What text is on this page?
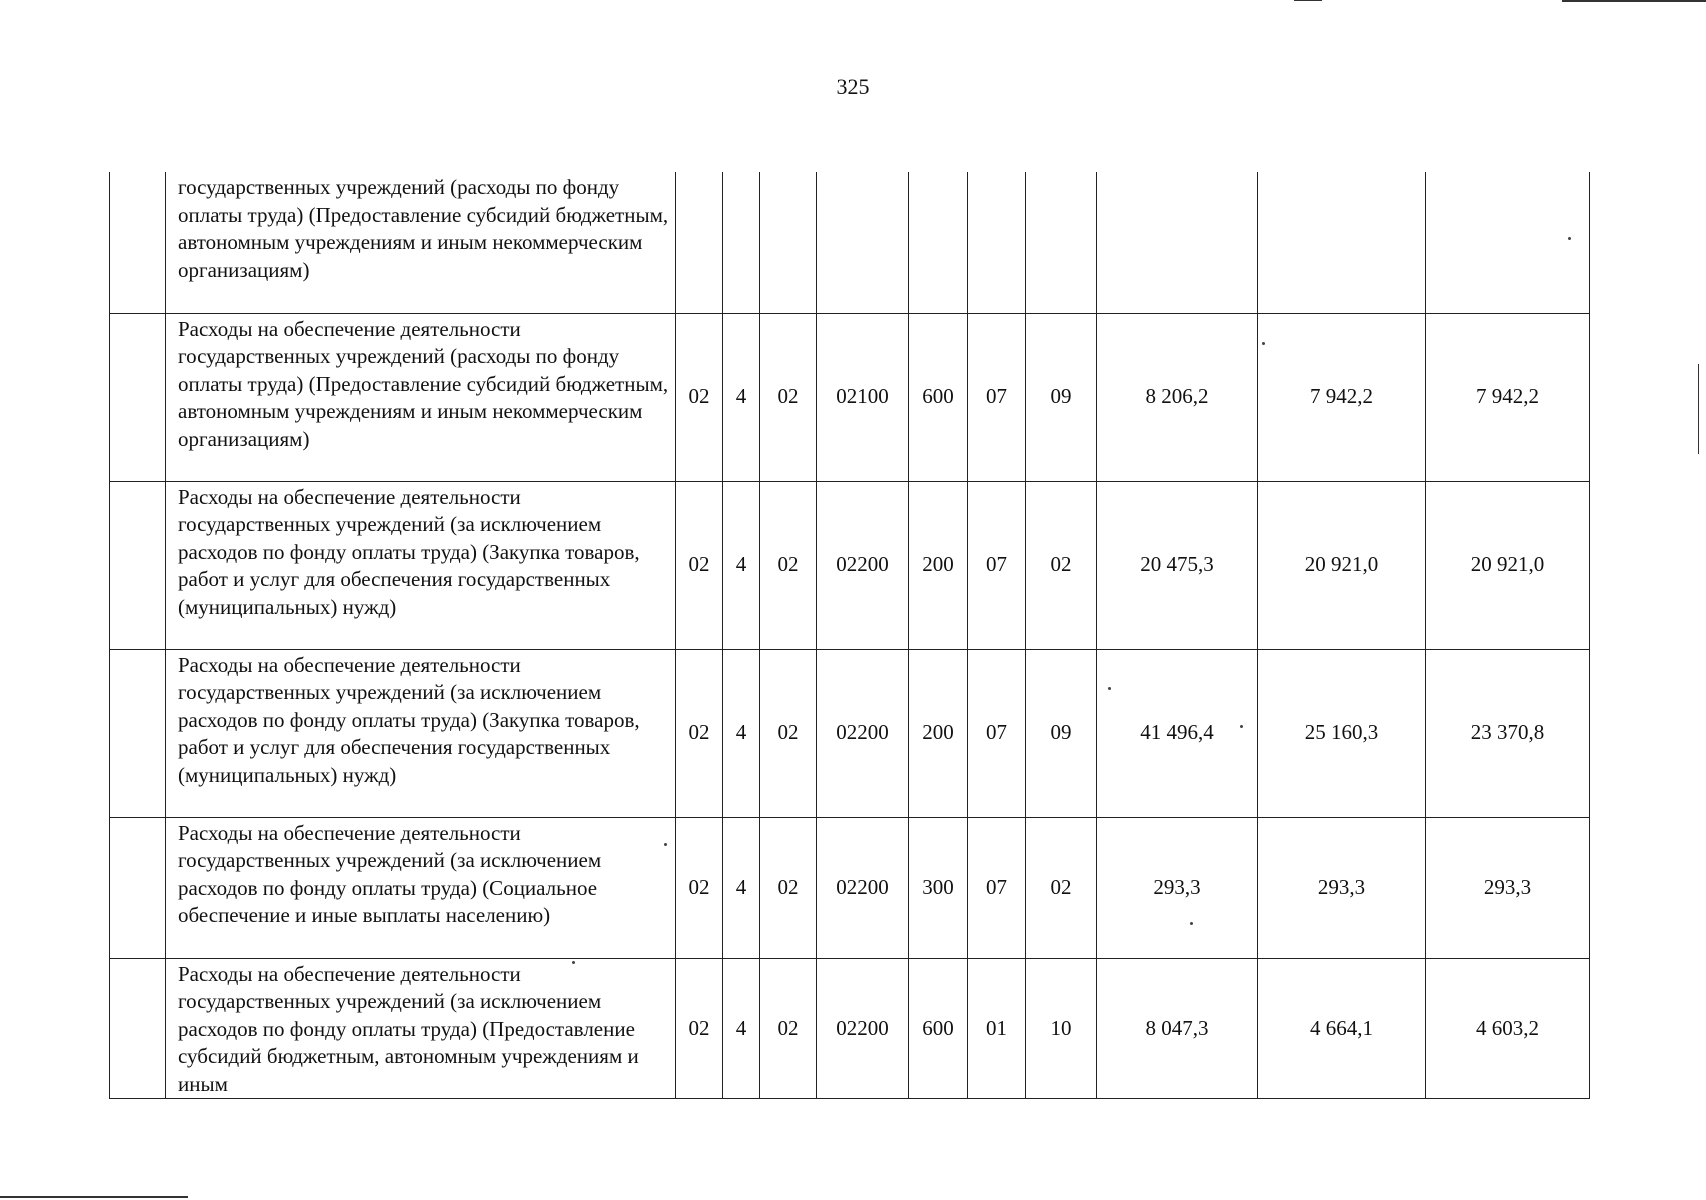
325
	государственных учреждений (расходы по фонду оплаты труда) (Предоставление субсидий бюджетным, автономным учреждениям и иным некоммерческим организациям)										
	Расходы на обеспечение деятельности государственных учреждений (расходы по фонду оплаты труда) (Предоставление субсидий бюджетным, автономным учреждениям и иным некоммерческим организациям)	02	4	02	02100	600	07	09	8 206,2	7 942,2	7 942,2
	Расходы на обеспечение деятельности государственных учреждений (за исключением расходов по фонду оплаты труда) (Закупка товаров, работ и услуг для обеспечения государственных (муниципальных) нужд)	02	4	02	02200	200	07	02	20 475,3	20 921,0	20 921,0
	Расходы на обеспечение деятельности государственных учреждений (за исключением расходов по фонду оплаты труда) (Закупка товаров, работ и услуг для обеспечения государственных (муниципальных) нужд)	02	4	02	02200	200	07	09	41 496,4	25 160,3	23 370,8
	Расходы на обеспечение деятельности государственных учреждений (за исключением расходов по фонду оплаты труда) (Социальное обеспечение и иные выплаты населению)	02	4	02	02200	300	07	02	293,3	293,3	293,3
	Расходы на обеспечение деятельности государственных учреждений (за исключением расходов по фонду оплаты труда) (Предоставление субсидий бюджетным, автономным учреждениям и иным	02	4	02	02200	600	01	10	8 047,3	4 664,1	4 603,2
